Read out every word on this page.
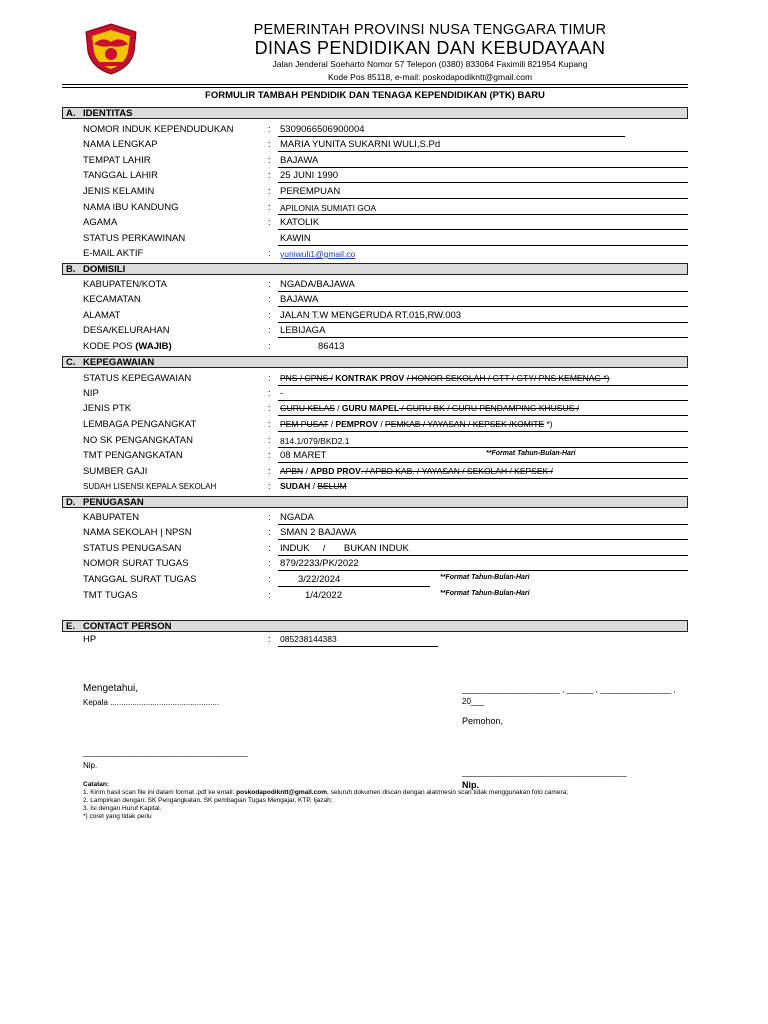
PEMERINTAH PROVINSI NUSA TENGGARA TIMUR
DINAS PENDIDIKAN DAN KEBUDAYAAN
Jalan Jenderal Soeharto Nomor 57 Telepon (0380) 833064 Faximili 821954 Kupang
Kode Pos 85118, e-mail: poskodapodikntt@gmail.com
FORMULIR TAMBAH PENDIDIK DAN TENAGA KEPENDIDIKAN (PTK) BARU
A. IDENTITAS
NOMOR INDUK KEPENDUDUKAN	: 5309066506900004
NAMA LENGKAP	: MARIA YUNITA SUKARNI WULI,S.Pd
TEMPAT LAHIR	: BAJAWA
TANGGAL LAHIR	: 25 JUNI 1990
JENIS KELAMIN	: PEREMPUAN
NAMA IBU KANDUNG	: APILONIA SUMIATI GOA
AGAMA	: KATOLIK
STATUS PERKAWINAN	KAWIN
E-MAIL AKTIF	: yuniwuli1@gmail.co
B. DOMISILI
KABUPATEN/KOTA	: NGADA/BAJAWA
KECAMATAN	: BAJAWA
ALAMAT	: JALAN T.W MENGERUDA RT.015,RW.003
DESA/KELURAHAN	: LEBIJAGA
KODE POS (WAJIB)	:	86413
C. KEPEGAWAIAN
STATUS KEPEGAWAIAN	: PNS / CPNS / KONTRAK PROV / HONOR SEKOLAH / GTT / GTY/ PNS KEMENAG *)
NIP	: -
JENIS PTK	: GURU KELAS / GURU MAPEL / GURU BK / GURU PENDAMPING KHUSUS /
LEMBAGA PENGANGKAT	: PEM PUSAT / PEMPROV / PEMKAB / YAYASAN / KEPSEK /KOMITE *)
NO SK PENGANGKATAN	: 814.1/079/BKD2.1
TMT PENGANGKATAN	: 08 MARET	**Format Tahun-Bulan-Hari
SUMBER GAJI	: APBN / APBD PROV. / APBD KAB. / YAYASAN / SEKOLAH / KEPSEK /
SUDAH LISENSI KEPALA SEKOLAH	: SUDAH / BELUM
D. PENUGASAN
KABUPATEN	: NGADA
NAMA SEKOLAH | NPSN	: SMAN 2 BAJAWA
STATUS PENUGASAN	: INDUK     /       BUKAN INDUK
NOMOR SURAT TUGAS	: 879/2233/PK/2022
TANGGAL SURAT TUGAS	:	3/22/2024	**Format Tahun-Bulan-Hari
TMT TUGAS	:	1/4/2022	**Format Tahun-Bulan-Hari
E. CONTACT PERSON
HP	: 085238144383
Mengetahui,
Kepala .................................................
______________________ , ______ , ________________ ,
20___
Pemohon,
_____________________________________
Nip.
_____________________________________
Nip.
Catatan:
1. Kirim hasil scan file ini dalam format .pdf ke email: poskodapodikntt@gmail.com, seluruh dokumen discan dengan alat/mesin scan tidak menggunakan foto camera;
2. Lampirkan dengan: SK Pengangkatan, SK pembagian Tugas Mengajar, KTP, Ijazah;
3. Isi dengan Huruf Kapital.
*) coret yang tidak perlu
